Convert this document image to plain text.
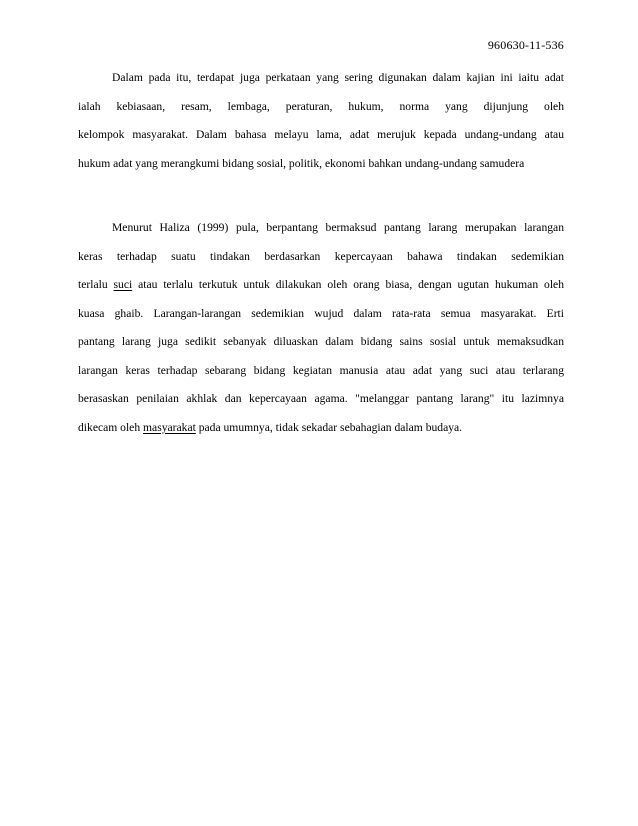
960630-11-536
Dalam pada itu, terdapat juga perkataan yang sering digunakan dalam kajian ini iaitu adat
ialah kebiasaan, resam, lembaga, peraturan, hukum, norma yang dijunjung oleh
kelompok masyarakat. Dalam bahasa melayu lama, adat merujuk kepada undang-undang atau
hukum adat yang merangkumi bidang sosial, politik, ekonomi bahkan undang-undang samudera
Menurut Haliza (1999) pula, berpantang bermaksud pantang larang merupakan larangan
keras terhadap suatu tindakan berdasarkan kepercayaan bahawa tindakan sedemikian
terlalu suci atau terlalu terkutuk untuk dilakukan oleh orang biasa, dengan ugutan hukuman oleh
kuasa ghaib. Larangan-larangan sedemikian wujud dalam rata-rata semua masyarakat. Erti
pantang larang juga sedikit sebanyak diluaskan dalam bidang sains sosial untuk memaksudkan
larangan keras terhadap sebarang bidang kegiatan manusia atau adat yang suci atau terlarang
berasaskan penilaian akhlak dan kepercayaan agama. "melanggar pantang larang" itu lazimnya
dikecam oleh masyarakat pada umumnya, tidak sekadar sebahagian dalam budaya.
